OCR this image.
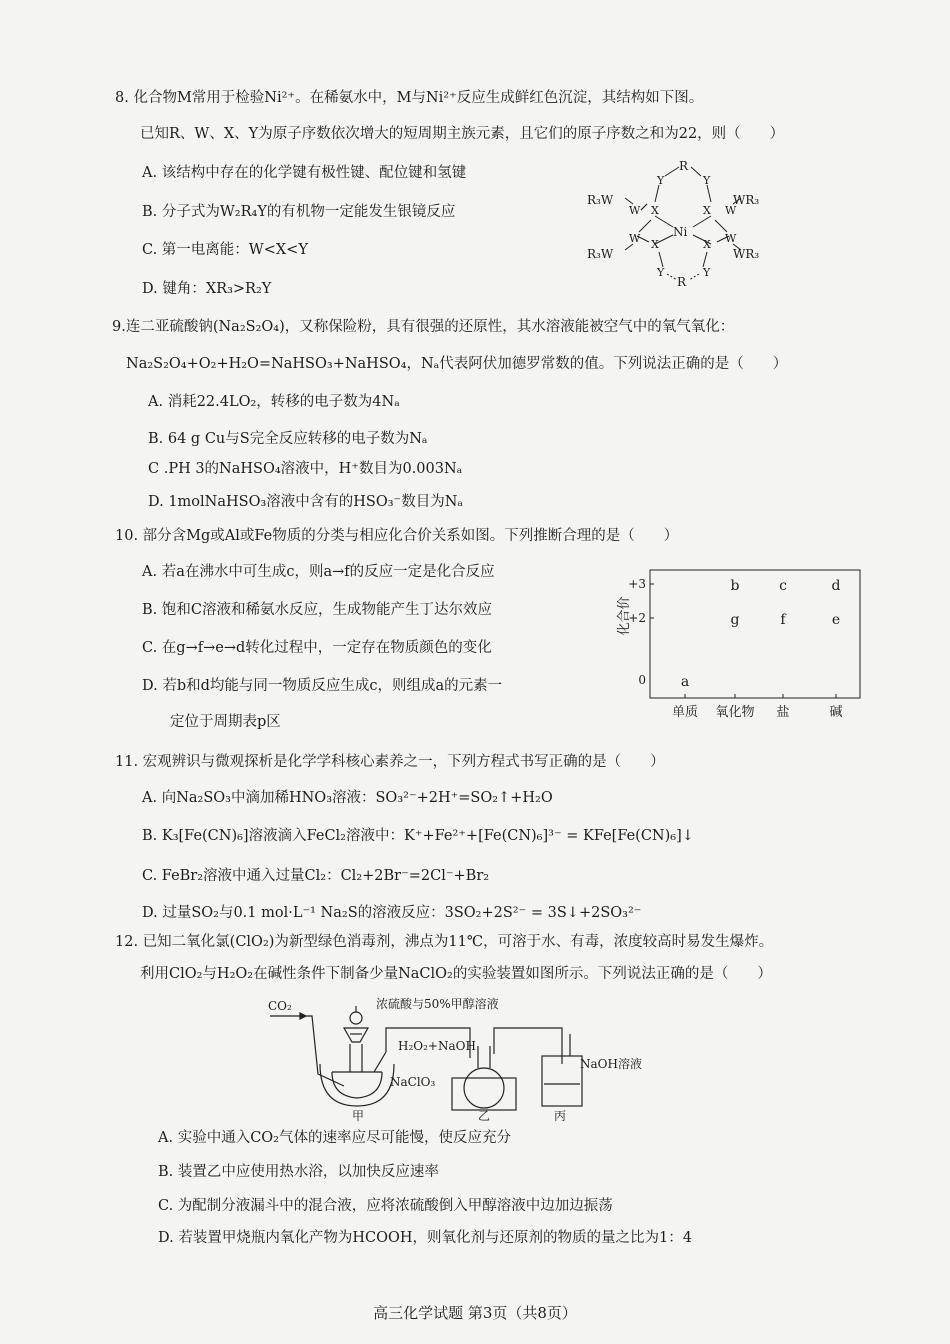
8. 化合物M常用于检验Ni²⁺。在稀氨水中，M与Ni²⁺反应生成鲜红色沉淀，其结构如下图。
已知R、W、X、Y为原子序数依次增大的短周期主族元素，且它们的原子序数之和为22，则（　　）
A. 该结构中存在的化学键有极性键、配位键和氢键
B. 分子式为W₂R₄Y的有机物一定能发生银镜反应
C. 第一电离能：W<X<Y
D. 键角：XR₃>R₂Y
R
Y	Y
R₃W
W X	X W
WR₃
Ni
W X	X W
R₃W	WR₃
Y	Y
R
9.连二亚硫酸钠(Na₂S₂O₄)，又称保险粉，具有很强的还原性，其水溶液能被空气中的氧气氧化：
Na₂S₂O₄+O₂+H₂O=NaHSO₃+NaHSO₄，Nₐ代表阿伏加德罗常数的值。下列说法正确的是（　　）
A. 消耗22.4LO₂，转移的电子数为4Nₐ
B. 64 g Cu与S完全反应转移的电子数为Nₐ
C .PH 3的NaHSO₄溶液中，H⁺数目为0.003Nₐ
D. 1molNaHSO₃溶液中含有的HSO₃⁻数目为Nₐ
10. 部分含Mg或Al或Fe物质的分类与相应化合价关系如图。下列推断合理的是（　　）
A. 若a在沸水中可生成c，则a→f的反应一定是化合反应
B. 饱和C溶液和稀氨水反应，生成物能产生丁达尔效应
C. 在g→f→e→d转化过程中，一定存在物质颜色的变化
D. 若b和d均能与同一物质反应生成c，则组成a的元素一
定位于周期表p区
化合价
+3
+2
0
单质 氧化物 盐	碱
a
b	c	d
g	f	e
11. 宏观辨识与微观探析是化学学科核心素养之一，下列方程式书写正确的是（　　）
A. 向Na₂SO₃中滴加稀HNO₃溶液：SO₃²⁻+2H⁺=SO₂↑+H₂O
B. K₃[Fe(CN)₆]溶液滴入FeCl₂溶液中：K⁺+Fe²⁺+[Fe(CN)₆]³⁻ = KFe[Fe(CN)₆]↓
C. FeBr₂溶液中通入过量Cl₂：Cl₂+2Br⁻=2Cl⁻+Br₂
D. 过量SO₂与0.1 mol·L⁻¹ Na₂S的溶液反应：3SO₂+2S²⁻ = 3S↓+2SO₃²⁻
12. 已知二氧化氯(ClO₂)为新型绿色消毒剂，沸点为11℃，可溶于水、有毒，浓度较高时易发生爆炸。
利用ClO₂与H₂O₂在碱性条件下制备少量NaClO₂的实验装置如图所示。下列说法正确的是（　　）
CO₂	浓硫酸与50%甲醇溶液
H₂O₂+NaOH
NaClO₃
NaOH溶液
甲	乙	丙
A. 实验中通入CO₂气体的速率应尽可能慢，使反应充分
B. 装置乙中应使用热水浴，以加快反应速率
C. 为配制分液漏斗中的混合液，应将浓硫酸倒入甲醇溶液中边加边振荡
D. 若装置甲烧瓶内氧化产物为HCOOH，则氧化剂与还原剂的物质的量之比为1：4
高三化学试题 第3页（共8页）
